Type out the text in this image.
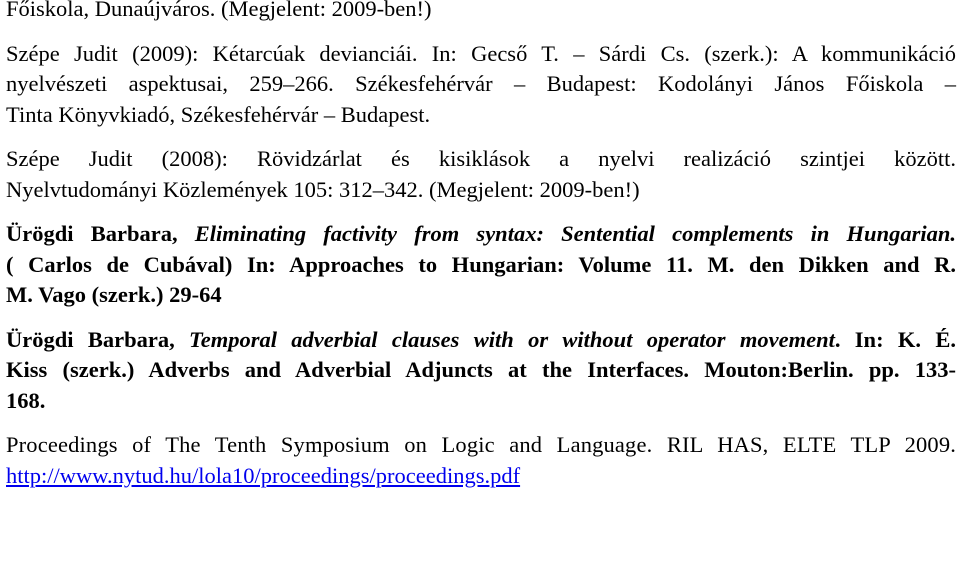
Főiskola, Dunaújváros. (Megjelent: 2009-ben!)
Szépe Judit (2009): Kétarcúak devianciái. In: Gecső T. – Sárdi Cs. (szerk.): A kommunikáció
nyelvészeti aspektusai, 259–266. Székesfehérvár – Budapest: Kodolányi János Főiskola –
Tinta Könyvkiadó, Székesfehérvár – Budapest.
Szépe Judit (2008): Rövidzárlat és kisiklások a nyelvi realizáció szintjei között.
Nyelvtudományi Közlemények 105: 312–342. (Megjelent: 2009-ben!)
Ürögdi Barbara, Eliminating factivity from syntax: Sentential complements in Hungarian.
( Carlos de Cubával) In: Approaches to Hungarian: Volume 11. M. den Dikken and R.
M. Vago (szerk.) 29-64
Ürögdi Barbara, Temporal adverbial clauses with or without operator movement. In: K. É.
Kiss (szerk.) Adverbs and Adverbial Adjuncts at the Interfaces. Mouton:Berlin. pp. 133-
168.
Proceedings of The Tenth Symposium on Logic and Language. RIL HAS, ELTE TLP 2009.
http://www.nytud.hu/lola10/proceedings/proceedings.pdf
